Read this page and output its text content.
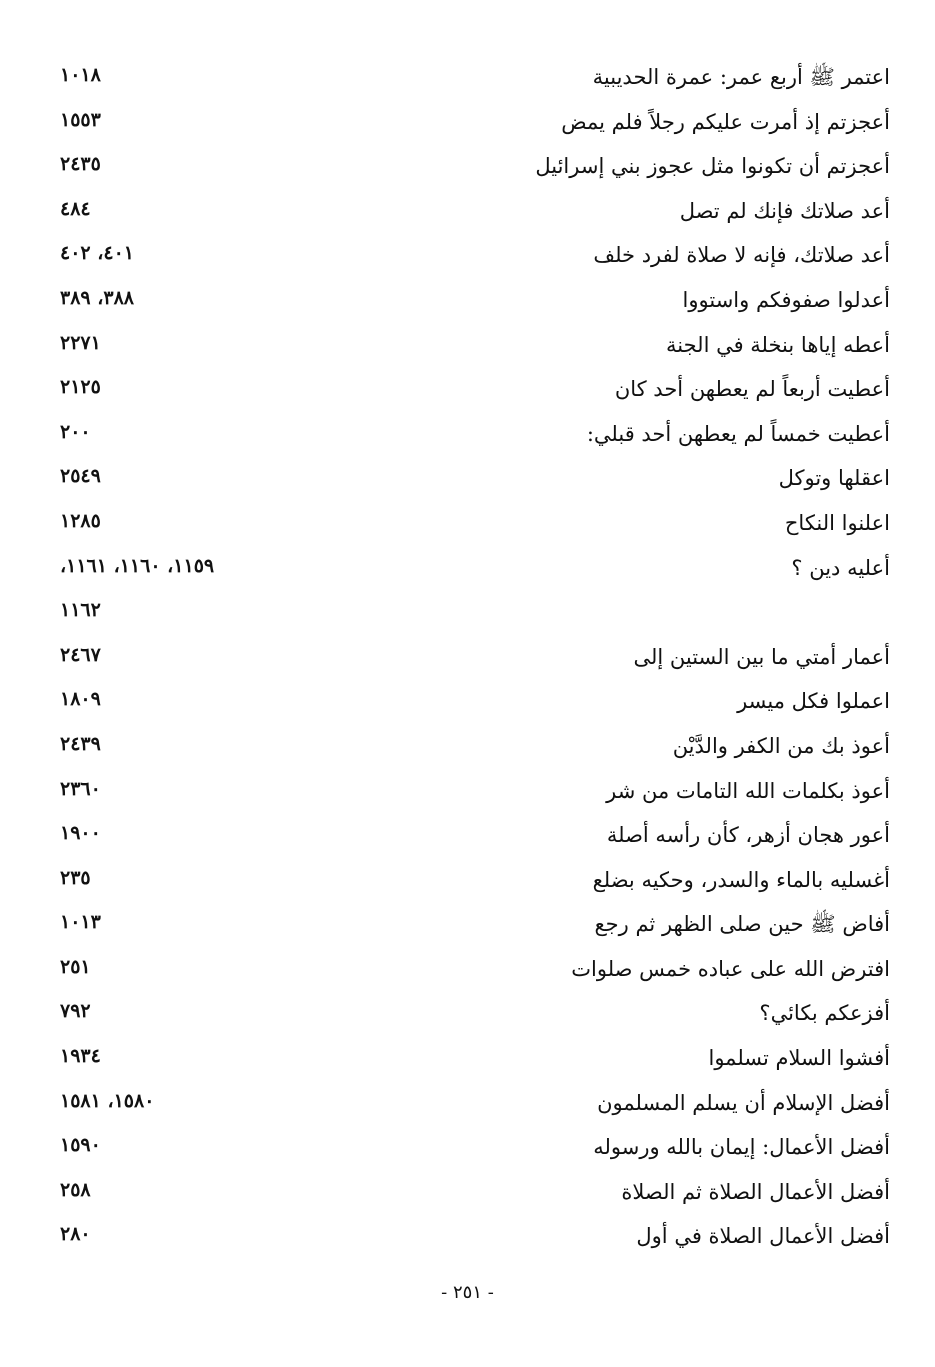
اعتمر ﷺ أربع عمر: عمرة الحديبية
١٠١٨
أعجزتم إذ أمرت عليكم رجلاً فلم يمض
١٥٥٣
أعجزتم أن تكونوا مثل عجوز بني إسرائيل
٢٤٣٥
أعد صلاتك فإنك لم تصل
٤٨٤
أعد صلاتك، فإنه لا صلاة لفرد خلف
٤٠١، ٤٠٢
أعدلوا صفوفكم واستووا
٣٨٨، ٣٨٩
أعطه إياها بنخلة في الجنة
٢٢٧١
أعطيت أربعاً لم يعطهن أحد كان
٢١٢٥
أعطيت خمساً لم يعطهن أحد قبلي:
٢٠٠
اعقلها وتوكل
٢٥٤٩
اعلنوا النكاح
١٢٨٥
أعليه دين ؟
١١٥٩، ١١٦٠، ١١٦١،
١١٦٢
أعمار أمتي ما بين الستين إلى
٢٤٦٧
اعملوا فكل ميسر
١٨٠٩
أعوذ بك من الكفر والدَّيْن
٢٤٣٩
أعوذ بكلمات الله التامات من شر
٢٣٦٠
أعور هجان أزهر، كأن رأسه أصلة
١٩٠٠
أغسليه بالماء والسدر، وحكيه بضلع
٢٣٥
أفاض ﷺ حين صلى الظهر ثم رجع
١٠١٣
افترض الله على عباده خمس صلوات
٢٥١
أفزعكم بكائي؟
٧٩٢
أفشوا السلام تسلموا
١٩٣٤
أفضل الإسلام أن يسلم المسلمون
١٥٨٠، ١٥٨١
أفضل الأعمال: إيمان بالله ورسوله
١٥٩٠
أفضل الأعمال الصلاة ثم الصلاة
٢٥٨
أفضل الأعمال الصلاة في أول
٢٨٠
- ٢٥١ -
